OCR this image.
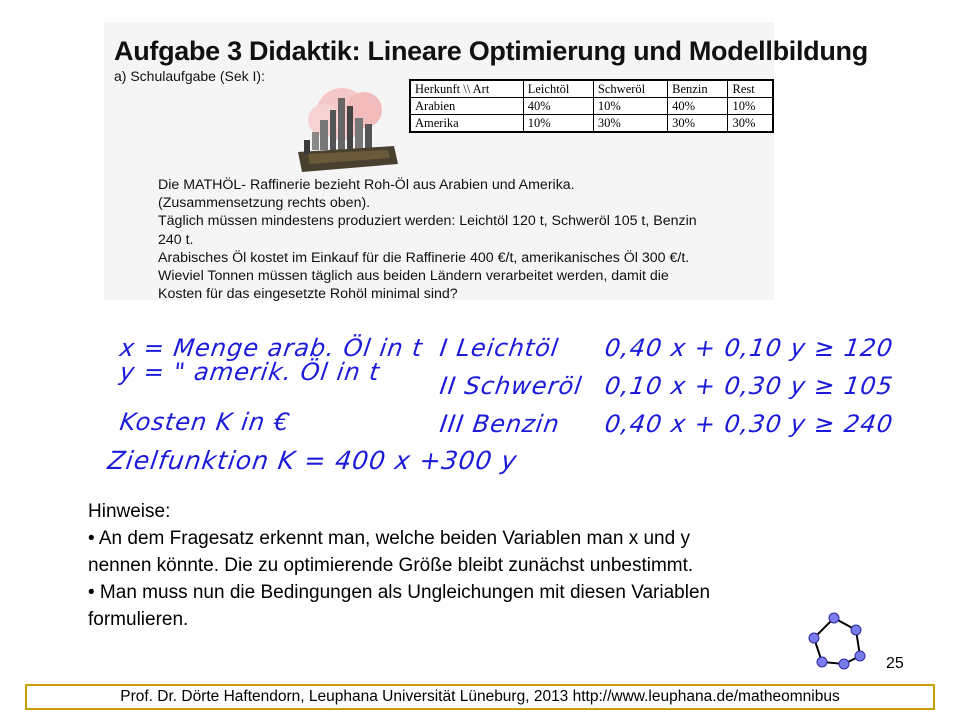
Aufgabe 3 Didaktik: Lineare Optimierung und Modellbildung
a) Schulaufgabe (Sek I):
Herkunft \\ Art	Leichtöl	Schweröl	Benzin	Rest
Arabien	40%	10%	40%	10%
Amerika	10%	30%	30%	30%
Die MATHÖL- Raffinerie bezieht Roh-Öl aus Arabien und Amerika.
(Zusammensetzung rechts oben).
Täglich müssen mindestens produziert werden: Leichtöl 120 t, Schweröl 105 t, Benzin
240 t.
Arabisches Öl kostet im Einkauf für die Raffinerie 400 €/t, amerikanisches Öl 300 €/t.
Wieviel Tonnen müssen täglich aus beiden Ländern verarbeitet werden, damit die
Kosten für das eingesetzte Rohöl minimal sind?
x = Menge arab. Öl in t
y = " amerik. Öl in t
Kosten K in €
Zielfunktion K = 400 x +300 y
I Leichtöl 0,40 x + 0,10 y ≥ 120
II Schweröl 0,10 x + 0,30 y ≥ 105
III Benzin 0,40 x + 0,30 y ≥ 240
Hinweise:
• An dem Fragesatz erkennt man, welche beiden Variablen man x und y
nennen könnte. Die zu optimierende Größe bleibt zunächst unbestimmt.
• Man muss nun die Bedingungen als Ungleichungen mit diesen Variablen
formulieren.
25
Prof. Dr. Dörte Haftendorn, Leuphana Universität Lüneburg, 2013 http://www.leuphana.de/matheomnibus
